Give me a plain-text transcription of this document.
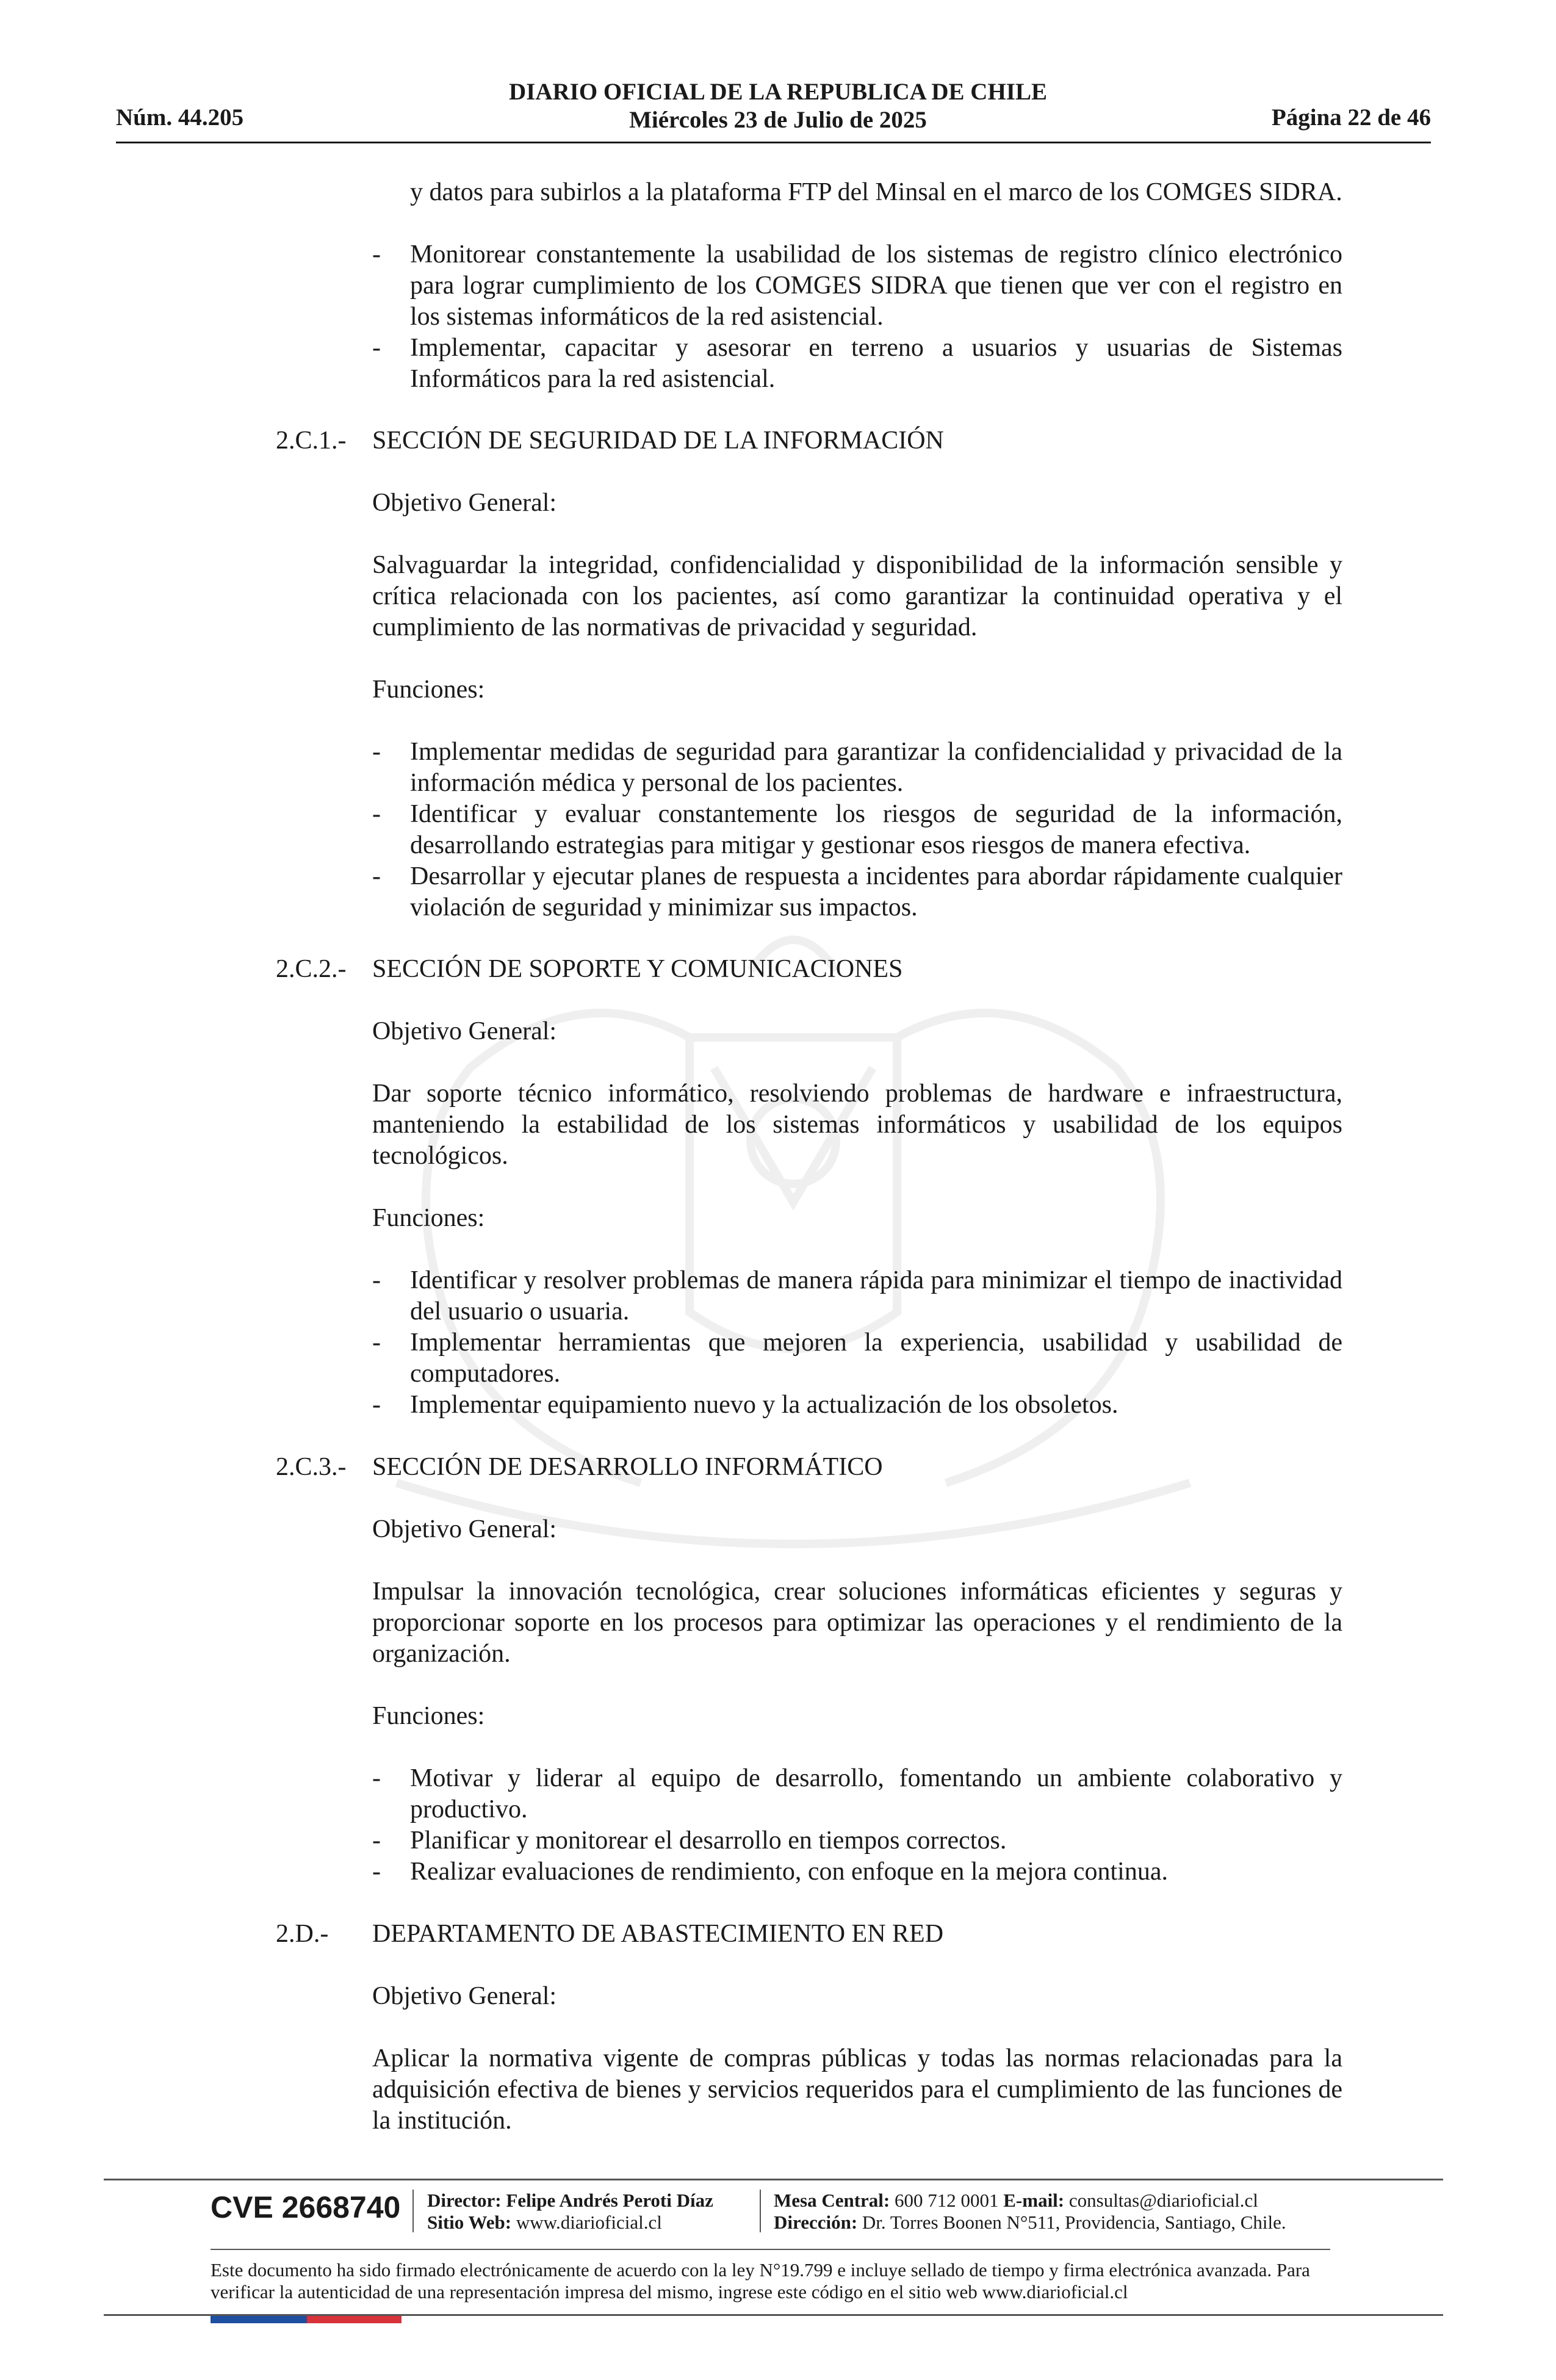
Núm. 44.205
DIARIO OFICIAL DE LA REPUBLICA DE CHILE
Miércoles 23 de Julio de 2025	Página 22 de 46
y datos para subirlos a la plataforma FTP del Minsal en el marco de los COMGES SIDRA.
- Monitorear constantemente la usabilidad de los sistemas de registro clínico electrónico para lograr cumplimiento de los COMGES SIDRA que tienen que ver con el registro en los sistemas informáticos de la red asistencial.
- Implementar, capacitar y asesorar en terreno a usuarios y usuarias de Sistemas Informáticos para la red asistencial.
2.C.1.- SECCIÓN DE SEGURIDAD DE LA INFORMACIÓN
Objetivo General:
Salvaguardar la integridad, confidencialidad y disponibilidad de la información sensible y crítica relacionada con los pacientes, así como garantizar la continuidad operativa y el cumplimiento de las normativas de privacidad y seguridad.
Funciones:
- Implementar medidas de seguridad para garantizar la confidencialidad y privacidad de la información médica y personal de los pacientes.
- Identificar y evaluar constantemente los riesgos de seguridad de la información, desarrollando estrategias para mitigar y gestionar esos riesgos de manera efectiva.
- Desarrollar y ejecutar planes de respuesta a incidentes para abordar rápidamente cualquier violación de seguridad y minimizar sus impactos.
2.C.2.- SECCIÓN DE SOPORTE Y COMUNICACIONES
Objetivo General:
Dar soporte técnico informático, resolviendo problemas de hardware e infraestructura, manteniendo la estabilidad de los sistemas informáticos y usabilidad de los equipos tecnológicos.
Funciones:
- Identificar y resolver problemas de manera rápida para minimizar el tiempo de inactividad del usuario o usuaria.
- Implementar herramientas que mejoren la experiencia, usabilidad y usabilidad de computadores.
- Implementar equipamiento nuevo y la actualización de los obsoletos.
2.C.3.- SECCIÓN DE DESARROLLO INFORMÁTICO
Objetivo General:
Impulsar la innovación tecnológica, crear soluciones informáticas eficientes y seguras y proporcionar soporte en los procesos para optimizar las operaciones y el rendimiento de la organización.
Funciones:
- Motivar y liderar al equipo de desarrollo, fomentando un ambiente colaborativo y productivo.
- Planificar y monitorear el desarrollo en tiempos correctos.
- Realizar evaluaciones de rendimiento, con enfoque en la mejora continua.
2.D.- DEPARTAMENTO DE ABASTECIMIENTO EN RED
Objetivo General:
Aplicar la normativa vigente de compras públicas y todas las normas relacionadas para la adquisición efectiva de bienes y servicios requeridos para el cumplimiento de las funciones de la institución.
CVE 2668740 Director: Felipe Andrés Peroti Díaz
Sitio Web: www.diarioficial.cl
Mesa Central: 600 712 0001 E-mail: consultas@diarioficial.cl
Dirección: Dr. Torres Boonen N°511, Providencia, Santiago, Chile.
Este documento ha sido firmado electrónicamente de acuerdo con la ley N°19.799 e incluye sellado de tiempo y firma electrónica avanzada. Para verificar la autenticidad de una representación impresa del mismo, ingrese este código en el sitio web www.diarioficial.cl
